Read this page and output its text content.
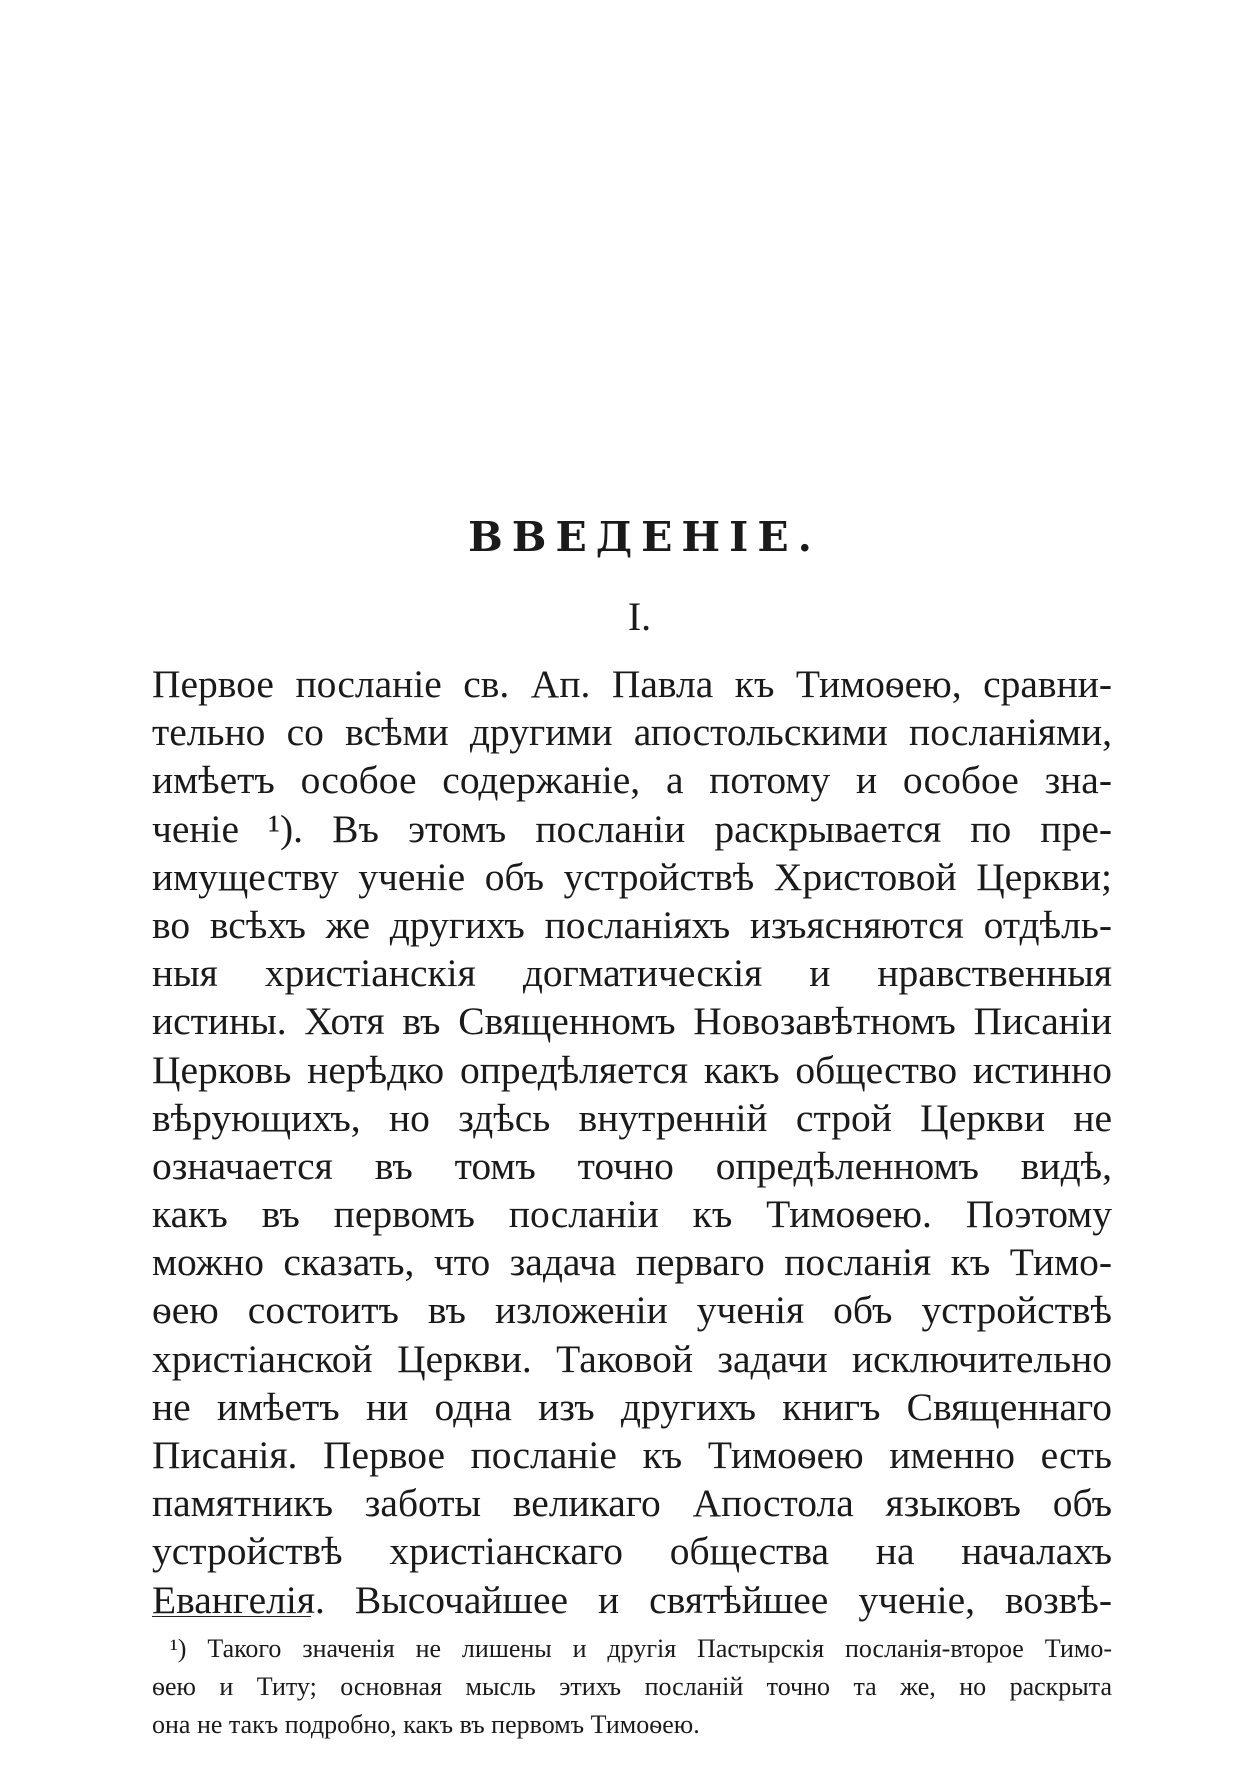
ВВЕДЕНІЕ.
I.
Первое посланіе св. Ап. Павла къ Тимоѳею, сравни-
тельно со всѣми другими апостольскими посланіями,
имѣетъ особое содержаніе, а потому и особое зна-
ченіе ¹). Въ этомъ посланіи раскрывается по пре-
имуществу ученіе объ устройствѣ Христовой Церкви;
во всѣхъ же другихъ посланіяхъ изъясняются отдѣль-
ныя христіанскія догматическія и нравственныя
истины. Хотя въ Священномъ Новозавѣтномъ Писаніи
Церковь нерѣдко опредѣляется какъ общество истинно
вѣрующихъ, но здѣсь внутренній строй Церкви не
означается въ томъ точно опредѣленномъ видѣ,
какъ въ первомъ посланіи къ Тимоѳею. Поэтому
можно сказать, что задача перваго посланія къ Тимо-
ѳею состоитъ въ изложеніи ученія объ устройствѣ
христіанской Церкви. Таковой задачи исключительно
не имѣетъ ни одна изъ другихъ книгъ Священнаго
Писанія. Первое посланіе къ Тимоѳею именно есть
памятникъ заботы великаго Апостола языковъ объ
устройствѣ христіанскаго общества на началахъ
Евангелія. Высочайшее и святѣйшее ученіе, возвѣ-
¹) Такого значенія не лишены и другія Пастырскія посланія-второе Тимо-
ѳею и Титу; основная мысль этихъ посланій точно та же, но раскрыта
она не такъ подробно, какъ въ первомъ Тимоѳею.
